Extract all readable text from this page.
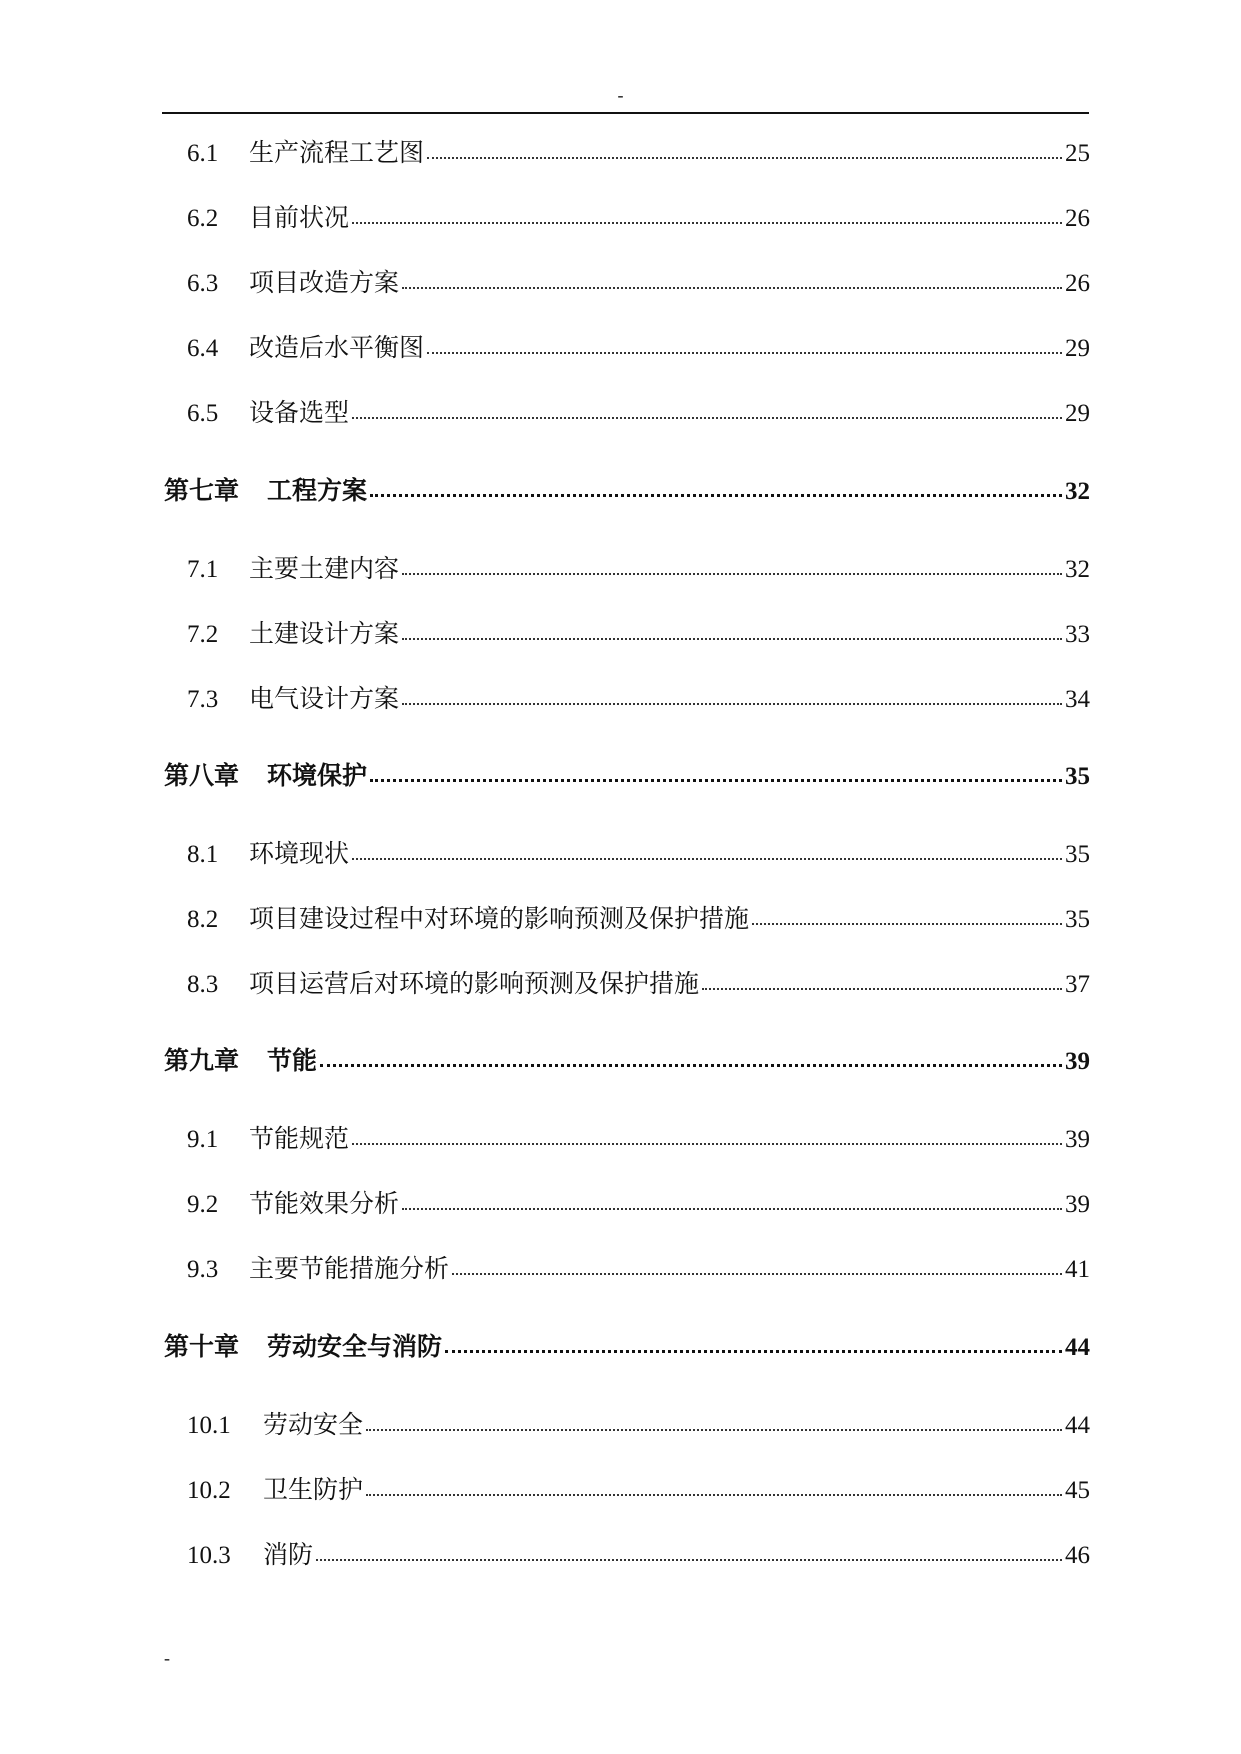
-
6.1	生产流程工艺图	25
6.2	目前状况	26
6.3	项目改造方案	26
6.4	改造后水平衡图	29
6.5	设备选型	29
第七章 工程方案	32
7.1	主要土建内容	32
7.2	土建设计方案	33
7.3	电气设计方案	34
第八章 环境保护	35
8.1	环境现状	35
8.2	项目建设过程中对环境的影响预测及保护措施	35
8.3	项目运营后对环境的影响预测及保护措施	37
第九章 节能	39
9.1	节能规范	39
9.2	节能效果分析	39
9.3	主要节能措施分析	41
第十章 劳动安全与消防	44
10.1	劳动安全	44
10.2	卫生防护	45
10.3	消防	46
-
